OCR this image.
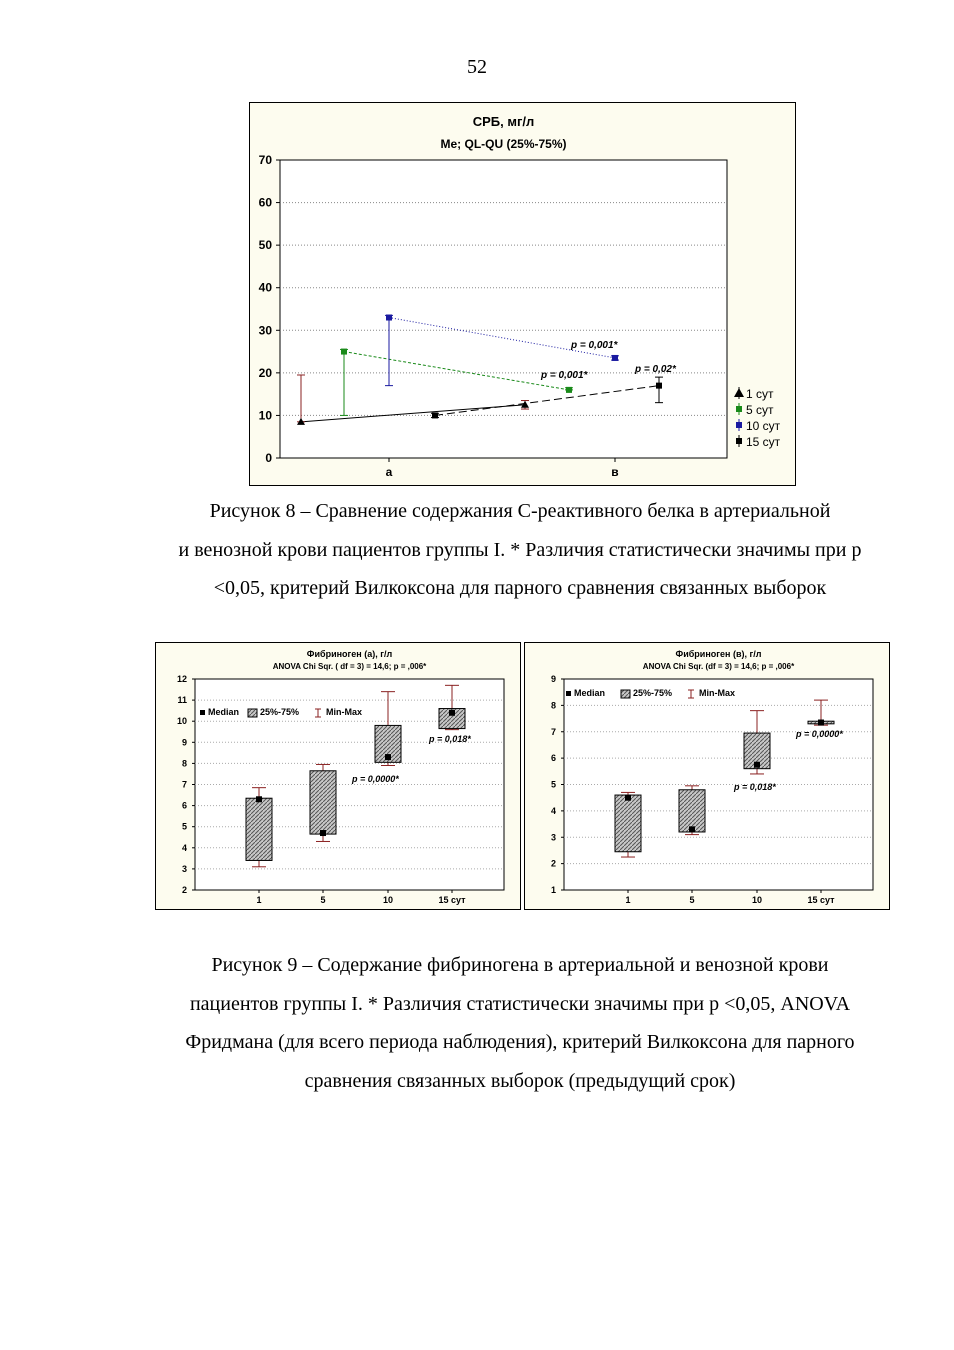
52
СРБ, мг/л
Me; QL-QU (25%-75%)
0
10
20
30
40
50
60
70
а	в
p = 0,001*
p = 0,001*
p = 0,02*
1 сут
5 сут
10 сут
15 сут
Рисунок 8 – Сравнение содержания С-реактивного белка в артериальной
и венозной крови пациентов группы I. * Различия статистически значимы при р
<0,05, критерий Вилкоксона для парного сравнения связанных выборок
Фибриноген (а), г/л
ANOVA Chi Sqr. ( df = 3) = 14,6; p = ,006*
2
3
4
5
6
7
8
9
10
11
12
1	5	10	15 сут
Median 25%-75%	Min-Max
p = 0,0000*
p = 0,018*
Фибриноген (в), г/л
ANOVA Chi Sqr. (df = 3) = 14,6; p = ,006*
1
2
3
4
5
6
7
8
9
1	5	10	15 сут
Median	25%-75%	Min-Max
p = 0,018*
p = 0,0000*
Рисунок 9 – Содержание фибриногена в артериальной и венозной крови
пациентов группы I. * Различия статистически значимы при р <0,05, ANOVA
Фридмана (для всего периода наблюдения), критерий Вилкоксона для парного
сравнения связанных выборок (предыдущий срок)
